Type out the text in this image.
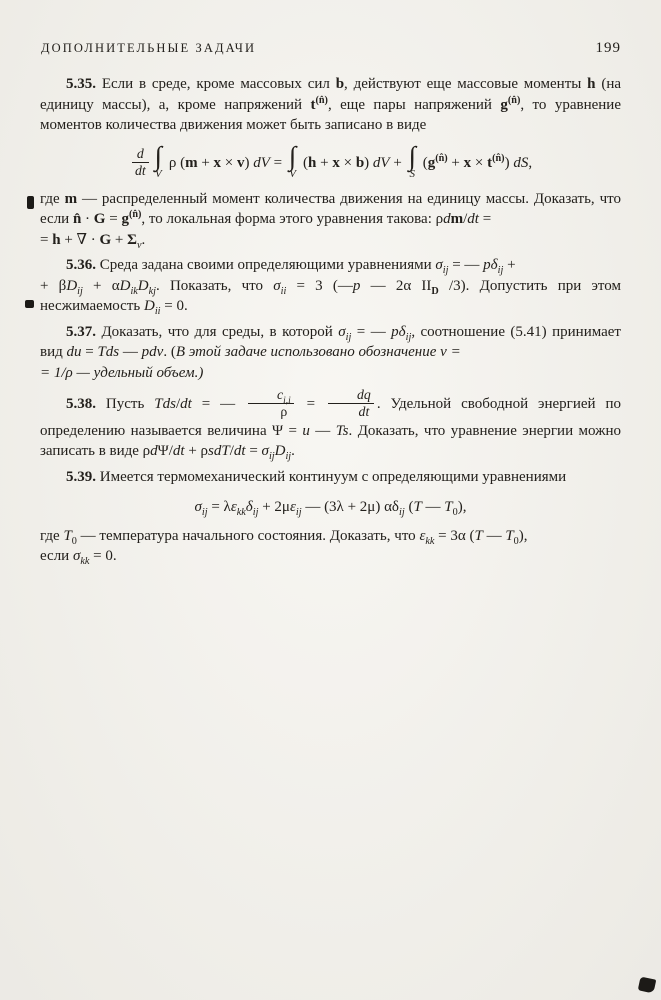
ДОПОЛНИТЕЛЬНЫЕ ЗАДАЧИ	199

5.35. Если в среде, кроме массовых сил b, действуют еще массовые моменты h (на единицу массы), а, кроме напряжений $t^{(n̂)}$, еще пары напряжений $g^{(n̂)}$, то уравнение моментов количества движения может быть записано в виде

$\frac{d}{dt}$ ∫
V
ρ (m + x × v) dV = ∫
V
(h + x × b) dV + ∫
S
$(g^{(n̂)} + x \times t^{(n̂)})$ dS,

где m — распределенный момент количества движения на единицу массы. Доказать, что если n̂ · $G = g^{(n̂)}$, то локальная форма этого уравнения такова: ρdm/dt =
= h + ∇ · $G + \Sigma_v$.

5.36. Среда задана своими определяющими уравнениями $\sigma_{ij}$ = — $p\delta_{ij}$ +
+ $\beta D_{ij} + \alpha D_{ik}D_{kj}$. Показать, что $\sigma_{ii} = 3$ (—p — 2α $II_D$ /3). Допустить при этом несжимаемость $D_{ii} = 0$.

5.37. Доказать, что для среды, в которой $\sigma_{ij}$ = — $p\delta_{ij}$, соотношение (5.41) принимает вид du = Tds — pdv. (В этой задаче использовано обозначение v =
= 1/ρ — удельный объем.)

5.38. Пусть Tds/dt = — $\frac{c_{i,i}}{\rho} = \frac{dq}{dt}$ . Удельной свободной энергией по определению называется величина Ψ = u — Ts. Доказать, что уравнение энергии можно записать в виде $\rho d\Psi/dt + \rho sdT/dt = \sigma_{ij}D_{ij}$.

5.39. Имеется термомеханический континуум с определяющими уравнениями

$\sigma_{ij} = \lambda\varepsilon_{kk}\delta_{ij} + 2\mu\varepsilon_{ij}$ — (3λ + 2μ) $\alpha\delta_{ij}$ (T — $T_0$),

где $T_0$ — температура начального состояния. Доказать, что $\varepsilon_{kk} = 3\alpha$ (T — $T_0$),
если $\sigma_{kk} = 0$.
